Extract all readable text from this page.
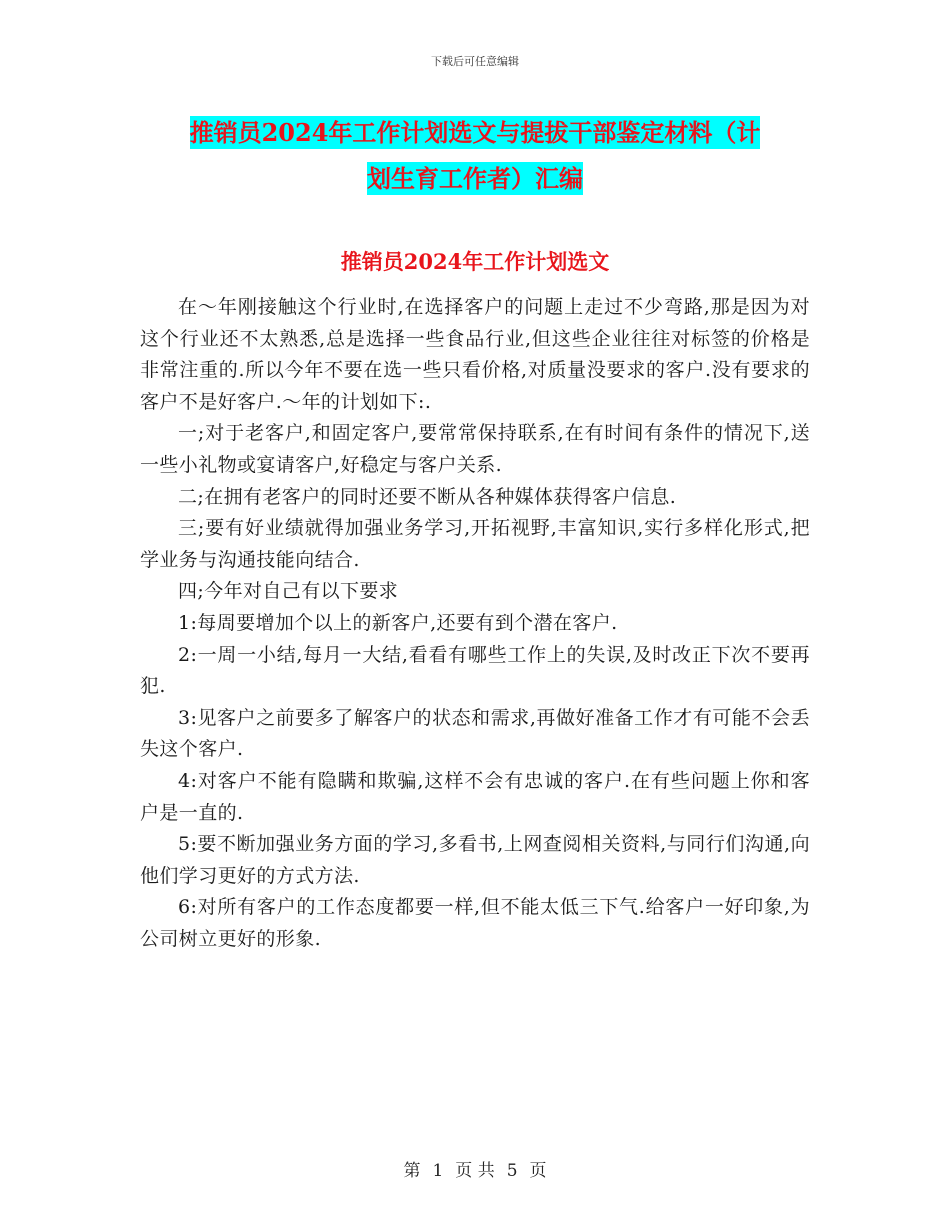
下载后可任意编辑
推销员2024年工作计划选文与提拔干部鉴定材料（计
划生育工作者）汇编
推销员2024年工作计划选文

在～年刚接触这个行业时,在选择客户的问题上走过不少弯路,那是因为对这个行业还不太熟悉,总是选择一些食品行业,但这些企业往往对标签的价格是非常注重的.所以今年不要在选一些只看价格,对质量没要求的客户.没有要求的客户不是好客户.～年的计划如下:.

一;对于老客户,和固定客户,要常常保持联系,在有时间有条件的情况下,送一些小礼物或宴请客户,好稳定与客户关系.

二;在拥有老客户的同时还要不断从各种媒体获得客户信息.

三;要有好业绩就得加强业务学习,开拓视野,丰富知识,实行多样化形式,把学业务与沟通技能向结合.

四;今年对自己有以下要求

1:每周要增加个以上的新客户,还要有到个潜在客户.

2:一周一小结,每月一大结,看看有哪些工作上的失误,及时改正下次不要再犯.

3:见客户之前要多了解客户的状态和需求,再做好准备工作才有可能不会丢失这个客户.

4:对客户不能有隐瞒和欺骗,这样不会有忠诚的客户.在有些问题上你和客户是一直的.

5:要不断加强业务方面的学习,多看书,上网查阅相关资料,与同行们沟通,向他们学习更好的方式方法.

6:对所有客户的工作态度都要一样,但不能太低三下气.给客户一好印象,为公司树立更好的形象.

第 1 页 共 5 页
